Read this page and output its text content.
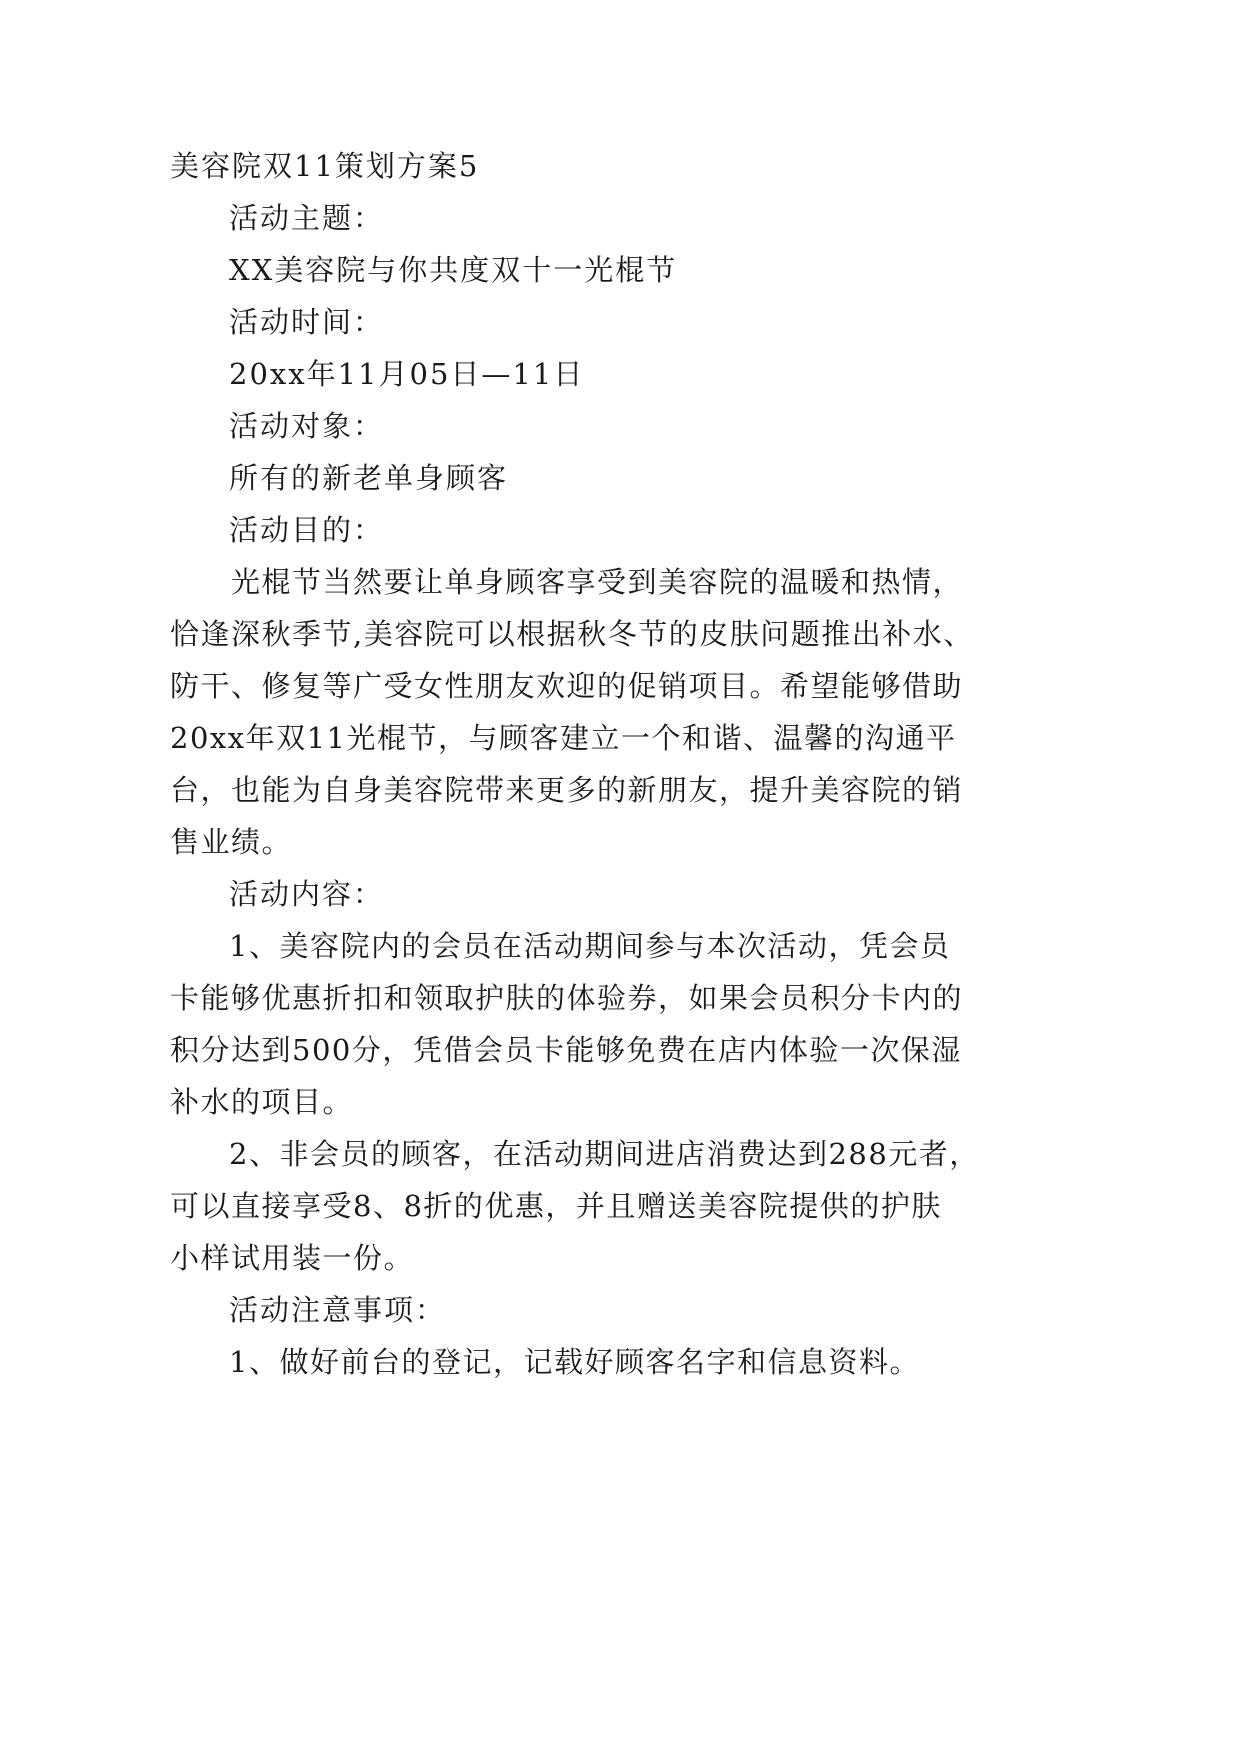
美容院双11策划方案5
活动主题：
XX美容院与你共度双十一光棍节
活动时间：
20xx年11月05日—11日
活动对象：
所有的新老单身顾客
活动目的：
光棍节当然要让单身顾客享受到美容院的温暖和热情，
恰逢深秋季节,美容院可以根据秋冬节的皮肤问题推出补水、
防干、修复等广受女性朋友欢迎的促销项目。希望能够借助
20xx年双11光棍节，与顾客建立一个和谐、温馨的沟通平
台，也能为自身美容院带来更多的新朋友，提升美容院的销
售业绩。
活动内容：
1、美容院内的会员在活动期间参与本次活动，凭会员
卡能够优惠折扣和领取护肤的体验券，如果会员积分卡内的
积分达到500分，凭借会员卡能够免费在店内体验一次保湿
补水的项目。
2、非会员的顾客，在活动期间进店消费达到288元者，
可以直接享受8、8折的优惠，并且赠送美容院提供的护肤
小样试用装一份。
活动注意事项：
1、做好前台的登记，记载好顾客名字和信息资料。
